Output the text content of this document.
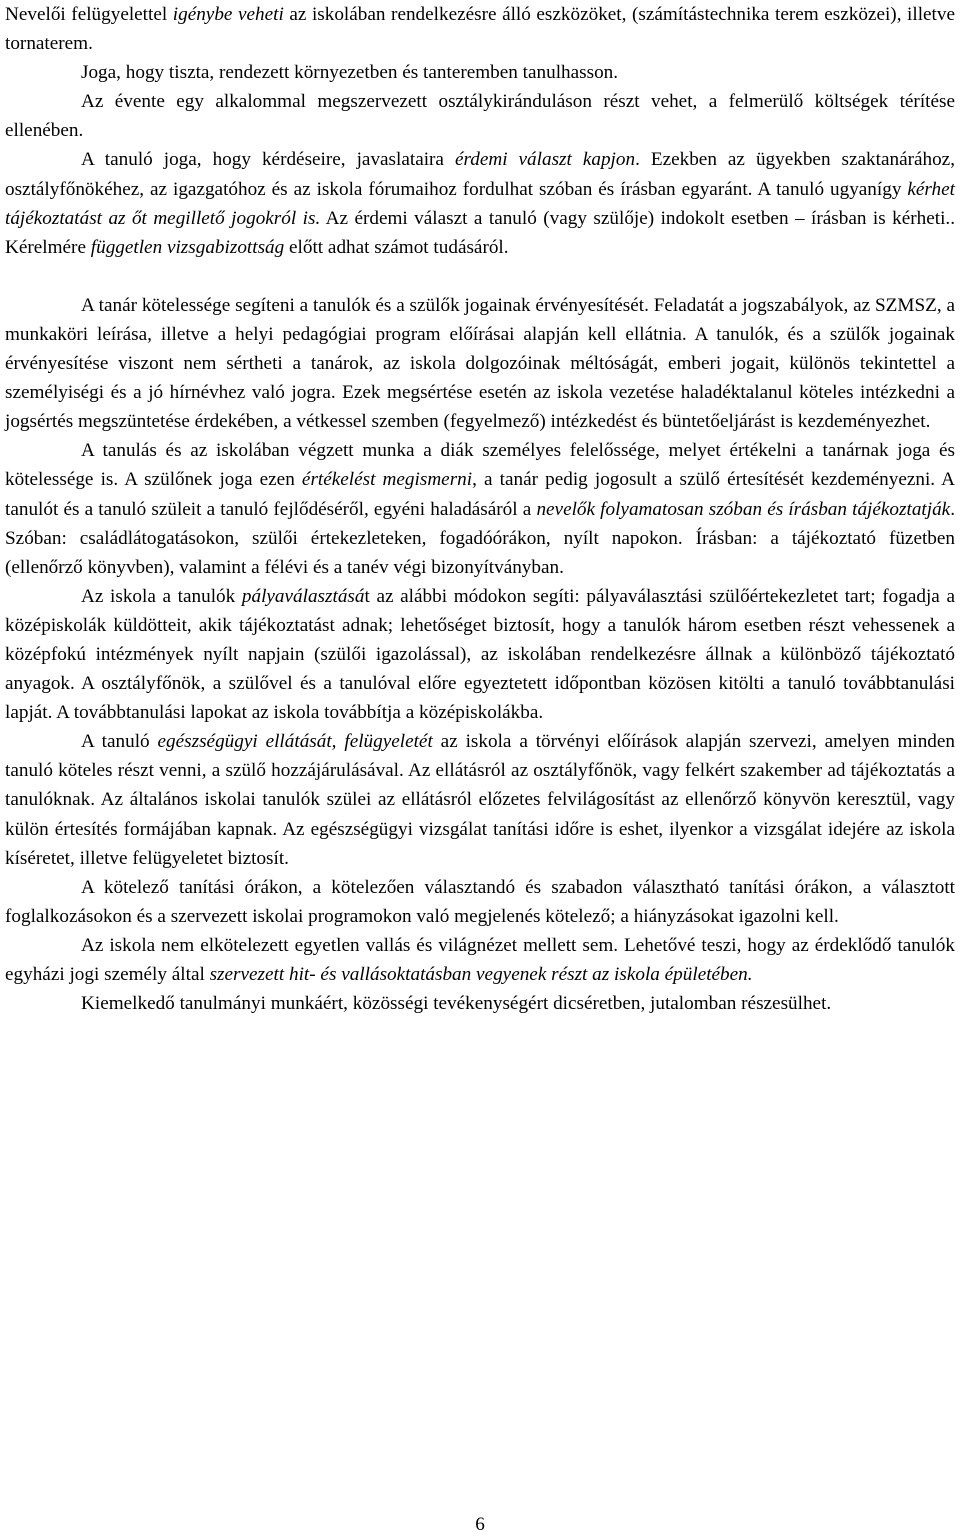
Nevelői felügyelettel igénybe veheti az iskolában rendelkezésre álló eszközöket, (számítástechnika terem eszközei), illetve tornaterem.

Joga, hogy tiszta, rendezett környezetben és tanteremben tanulhasson.

Az évente egy alkalommal megszervezett osztálykiránduláson részt vehet, a felmerülő költségek térítése ellenében.

A tanuló joga, hogy kérdéseire, javaslataira érdemi választ kapjon. Ezekben az ügyekben szaktanárához, osztályfőnökéhez, az igazgatóhoz és az iskola fórumaihoz fordulhat szóban és írásban egyaránt. A tanuló ugyanígy kérhet tájékoztatást az őt megillető jogokról is. Az érdemi választ a tanuló (vagy szülője) indokolt esetben – írásban is kérheti.. Kérelmére független vizsgabizottság előtt adhat számot tudásáról.

A tanár kötelessége segíteni a tanulók és a szülők jogainak érvényesítését. Feladatát a jogszabályok, az SZMSZ, a munkaköri leírása, illetve a helyi pedagógiai program előírásai alapján kell ellátnia. A tanulók, és a szülők jogainak érvényesítése viszont nem sértheti a tanárok, az iskola dolgozóinak méltóságát, emberi jogait, különös tekintettel a személyiségi és a jó hírnévhez való jogra. Ezek megsértése esetén az iskola vezetése haladéktalanul köteles intézkedni a jogsértés megszüntetése érdekében, a vétkessel szemben (fegyelmező) intézkedést és büntetőeljárást is kezdeményezhet.

A tanulás és az iskolában végzett munka a diák személyes felelőssége, melyet értékelni a tanárnak joga és kötelessége is. A szülőnek joga ezen értékelést megismerni, a tanár pedig jogosult a szülő értesítését kezdeményezni. A tanulót és a tanuló szüleit a tanuló fejlődéséről, egyéni haladásáról a nevelők folyamatosan szóban és írásban tájékoztatják. Szóban: családlátogatásokon, szülői értekezleteken, fogadóórákon, nyílt napokon. Írásban: a tájékoztató füzetben (ellenőrző könyvben), valamint a félévi és a tanév végi bizonyítványban.

Az iskola a tanulók pályaválasztását az alábbi módokon segíti: pályaválasztási szülőértekezletet tart; fogadja a középiskolák küldötteit, akik tájékoztatást adnak; lehetőséget biztosít, hogy a tanulók három esetben részt vehessenek a középfokú intézmények nyílt napjain (szülői igazolással), az iskolában rendelkezésre állnak a különböző tájékoztató anyagok. A osztályfőnök, a szülővel és a tanulóval előre egyeztetett időpontban közösen kitölti a tanuló továbbtanulási lapját. A továbbtanulási lapokat az iskola továbbítja a középiskolákba.

A tanuló egészségügyi ellátását, felügyeletét az iskola a törvényi előírások alapján szervezi, amelyen minden tanuló köteles részt venni, a szülő hozzájárulásával. Az ellátásról az osztályfőnök, vagy felkért szakember ad tájékoztatás a tanulóknak. Az általános iskolai tanulók szülei az ellátásról előzetes felvilágosítást az ellenőrző könyvön keresztül, vagy külön értesítés formájában kapnak. Az egészségügyi vizsgálat tanítási időre is eshet, ilyenkor a vizsgálat idejére az iskola kíséretet, illetve felügyeletet biztosít.

A kötelező tanítási órákon, a kötelezően választandó és szabadon választható tanítási órákon, a választott foglalkozásokon és a szervezett iskolai programokon való megjelenés kötelező; a hiányzásokat igazolni kell.

Az iskola nem elkötelezett egyetlen vallás és világnézet mellett sem. Lehetővé teszi, hogy az érdeklődő tanulók egyházi jogi személy által szervezett hit- és vallásoktatásban vegyenek részt az iskola épületében.

Kiemelkedő tanulmányi munkáért, közösségi tevékenységért dicséretben, jutalomban részesülhet.

6
